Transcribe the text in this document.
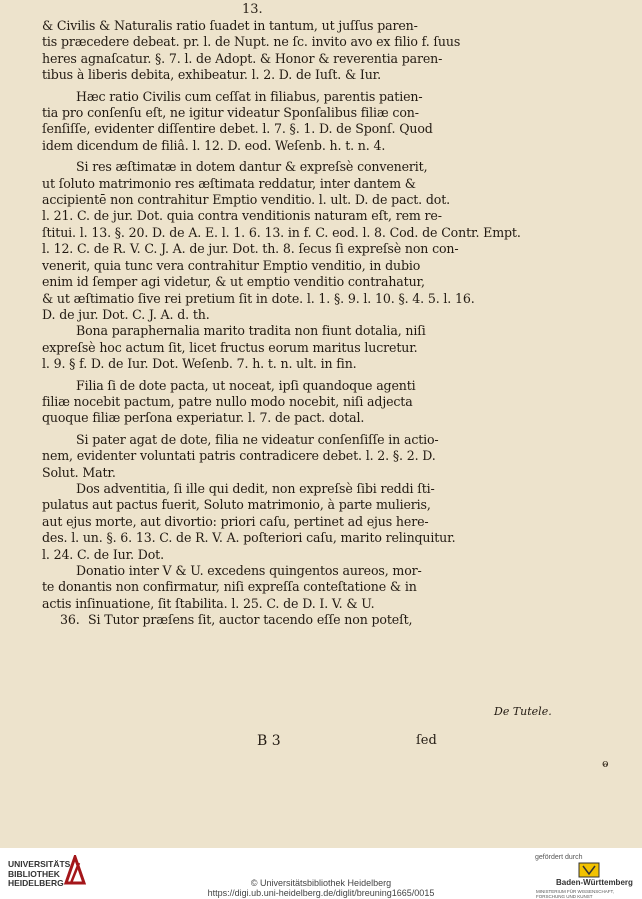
13.
& Civilis & Naturalis ratio ſuadet in tantum, ut juſſus paren-
tis præcedere debeat. pr. l. de Nupt. ne ſc. invito avo ex filio f. ſuus
heres agnaſcatur. §. 7. l. de Adopt. & Honor & reverentia paren-
tibus à liberis debita, exhibeatur. l. 2. D. de Iuſt. & Iur.
Hæc ratio Civilis cum ceſſat in filiabus, parentis patien-
tia pro conſenſu eſt, ne igitur videatur Sponſalibus filiæ con-
ſenſiſſe, evidenter diſſentire debet. l. 7. §. 1. D. de Sponſ. Quod
idem dicendum de filiâ. l. 12. D. eod. Weſenb. h. t. n. 4.
Si res æſtimatæ in dotem dantur & expreſsè convenerit,
ut ſoluto matrimonio res æſtimata reddatur, inter dantem &
accipientē non contrahitur Emptio venditio. l. ult. D. de pact. dot.
l. 21. C. de jur. Dot. quia contra venditionis naturam eſt, rem re-
ſtitui. l. 13. §. 20. D. de A. E. l. 1. 6. 13. in f. C. eod. l. 8. Cod. de Contr. Empt.
l. 12. C. de R. V. C. J. A. de jur. Dot. th. 8. ſecus ſi expreſsè non con-
venerit, quia tunc vera contrahitur Emptio venditio, in dubio
enim id ſemper agi videtur, & ut emptio venditio contrahatur,
& ut æſtimatio ſive rei pretium ſit in dote. l. 1. §. 9. l. 10. §. 4. 5. l. 16.
D. de jur. Dot. C. J. A. d. th.
Bona paraphernalia marito tradita non fiunt dotalia, niſi
expreſsè hoc actum ſit, licet fructus eorum maritus lucretur.
l. 9. § f. D. de Iur. Dot. Weſenb. 7. h. t. n. ult. in fin.
Filia ſi de dote pacta, ut noceat, ipſi quandoque agenti
filiæ nocebit pactum, patre nullo modo nocebit, niſi adjecta
quoque filiæ perſona experiatur. l. 7. de pact. dotal.
Si pater agat de dote, filia ne videatur conſenſiſſe in actio-
nem, evidenter voluntati patris contradicere debet. l. 2. §. 2. D.
Solut. Matr.
Dos adventitia, ſi ille qui dedit, non expreſsè ſibi reddi ſti-
pulatus aut pactus fuerit, Soluto matrimonio, à parte mulieris,
aut ejus morte, aut divortio: priori caſu, pertinet ad ejus here-
des. l. un. §. 6. 13. C. de R. V. A. poſteriori caſu, marito relinquitur.
l. 24. C. de Iur. Dot.
Donatio inter V & U. excedens quingentos aureos, mor-
te donantis non confirmatur, niſi expreſſa conteſtatione & in
actis inſinuatione, ſit ſtabilita. l. 25. C. de D. I. V. & U.
36. Si Tutor præſens ſit, auctor tacendo eſſe non poteſt,
De Tutele.
B 3	ſed
ⱺ
UNIVERSITÄTS-
BIBLIOTHEK
HEIDELBERG	© Universitätsbibliothek Heidelberg
https://digi.ub.uni-heidelberg.de/diglit/breuning1665/0015
gefördert durch
Baden-Württemberg
MINISTERIUM FÜR WISSENSCHAFT, FORSCHUNG UND KUNST
